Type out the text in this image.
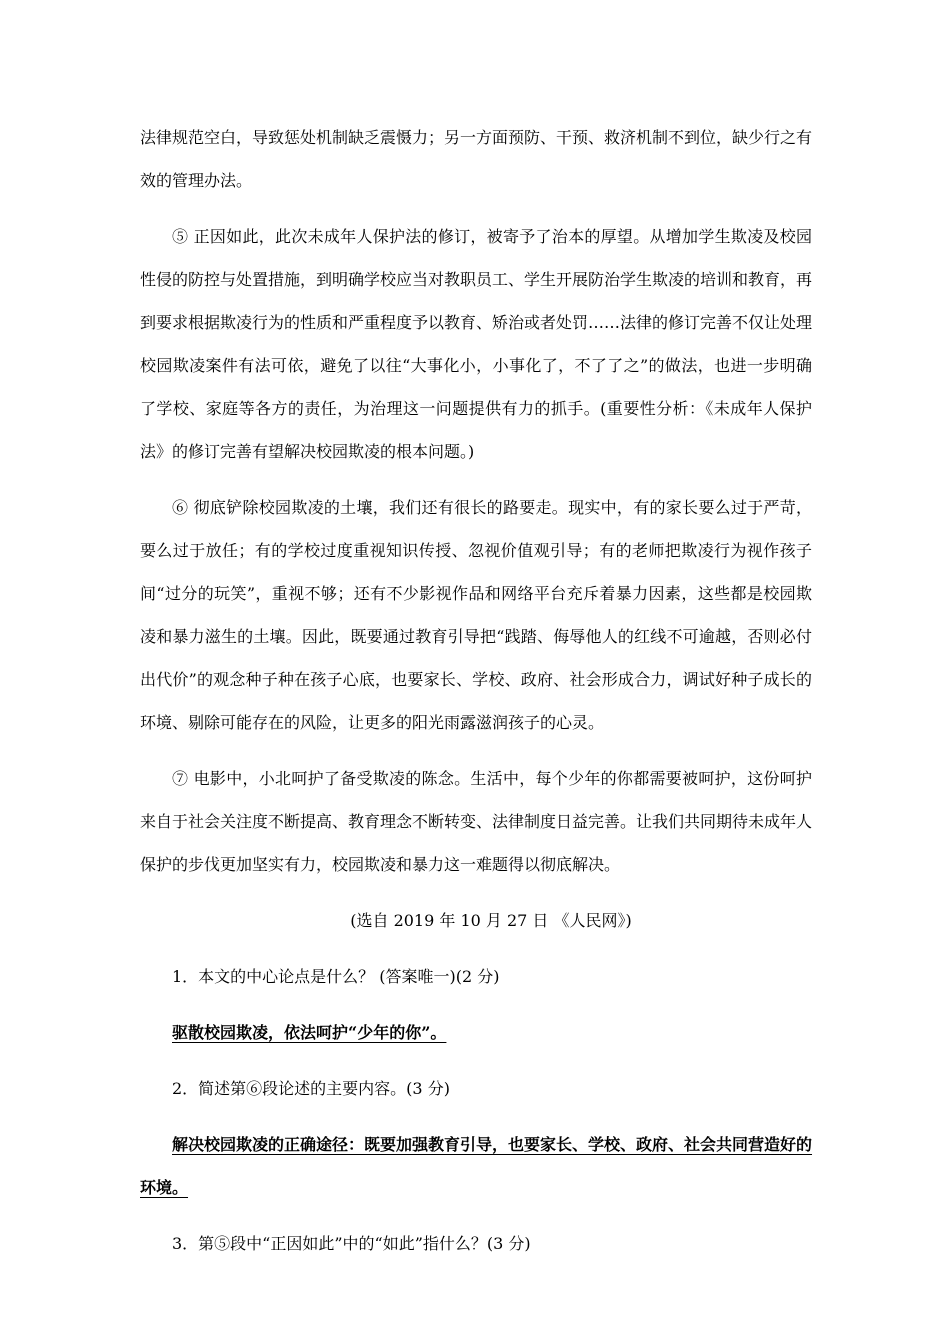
法律规范空白，导致惩处机制缺乏震慑力；另一方面预防、干预、救济机制不到位，缺少行之有效的管理办法。

⑤ 正因如此，此次未成年人保护法的修订，被寄予了治本的厚望。从增加学生欺凌及校园性侵的防控与处置措施，到明确学校应当对教职员工、学生开展防治学生欺凌的培训和教育，再到要求根据欺凌行为的性质和严重程度予以教育、矫治或者处罚……法律的修订完善不仅让处理校园欺凌案件有法可依，避免了以往“大事化小，小事化了，不了了之”的做法，也进一步明确了学校、家庭等各方的责任，为治理这一问题提供有力的抓手。(重要性分析：《未成年人保护法》的修订完善有望解决校园欺凌的根本问题。)

⑥ 彻底铲除校园欺凌的土壤，我们还有很长的路要走。现实中，有的家长要么过于严苛，要么过于放任；有的学校过度重视知识传授、忽视价值观引导；有的老师把欺凌行为视作孩子间“过分的玩笑”，重视不够；还有不少影视作品和网络平台充斥着暴力因素，这些都是校园欺凌和暴力滋生的土壤。因此，既要通过教育引导把“践踏、侮辱他人的红线不可逾越，否则必付出代价”的观念种子种在孩子心底，也要家长、学校、政府、社会形成合力，调试好种子成长的环境、剔除可能存在的风险，让更多的阳光雨露滋润孩子的心灵。

⑦ 电影中，小北呵护了备受欺凌的陈念。生活中，每个少年的你都需要被呵护，这份呵护来自于社会关注度不断提高、教育理念不断转变、法律制度日益完善。让我们共同期待未成年人保护的步伐更加坚实有力，校园欺凌和暴力这一难题得以彻底解决。

(选自 2019 年 10 月 27 日 《人民网》)

1．本文的中心论点是什么？ (答案唯一)(2 分)

驱散校园欺凌，依法呵护“少年的你”。

2．简述第⑥段论述的主要内容。(3 分)

解决校园欺凌的正确途径：既要加强教育引导，也要家长、学校、政府、社会共同营造好的环境。

3．第⑤段中“正因如此”中的“如此”指什么？(3 分)
